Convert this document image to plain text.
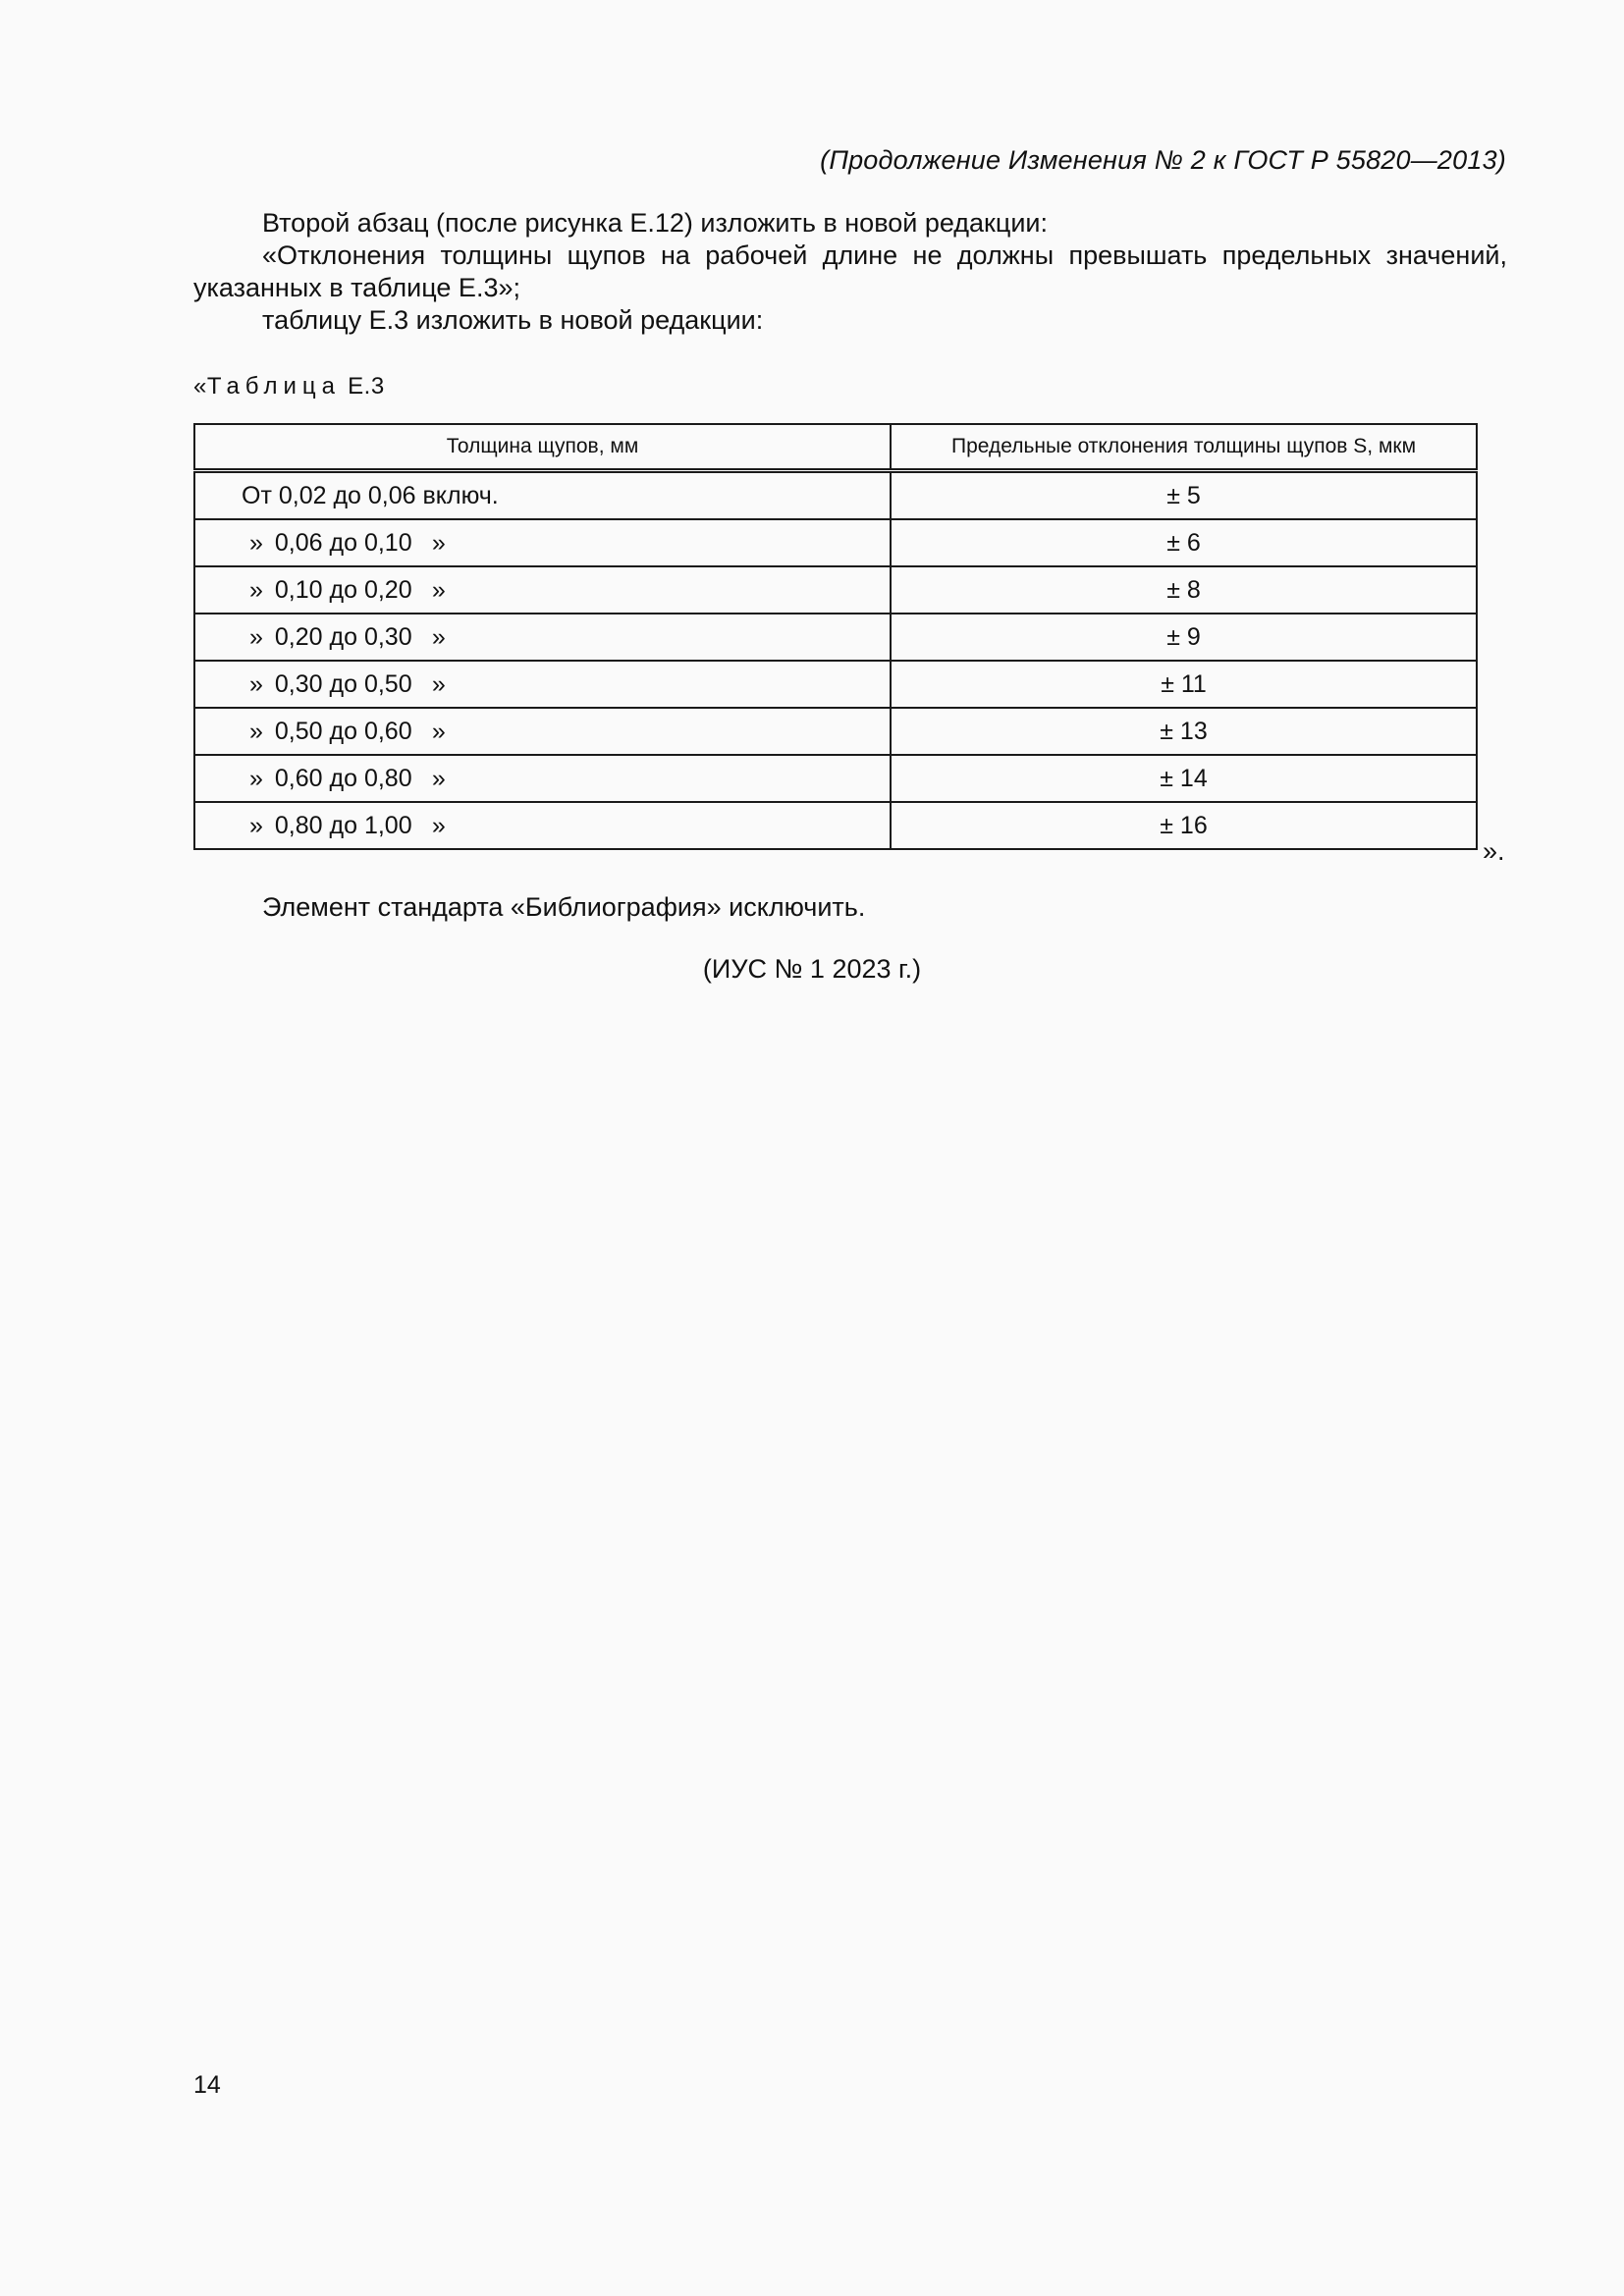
(Продолжение Изменения № 2 к ГОСТ Р 55820—2013)
Второй абзац (после рисунка Е.12) изложить в новой редакции:
«Отклонения толщины щупов на рабочей длине не должны превышать предельных значений, указанных в таблице Е.3»;
таблицу Е.3 изложить в новой редакции:
«Таблица Е.3
Толщина щупов, мм	Предельные отклонения толщины щупов S, мкм
От 0,02 до 0,06 включ.	± 5
» 0,06 до 0,10 »	± 6
» 0,10 до 0,20 »	± 8
» 0,20 до 0,30 »	± 9
» 0,30 до 0,50 »	± 11
» 0,50 до 0,60 »	± 13
» 0,60 до 0,80 »	± 14
» 0,80 до 1,00 »	± 16
».
Элемент стандарта «Библиография» исключить.
(ИУС № 1 2023 г.)
14
